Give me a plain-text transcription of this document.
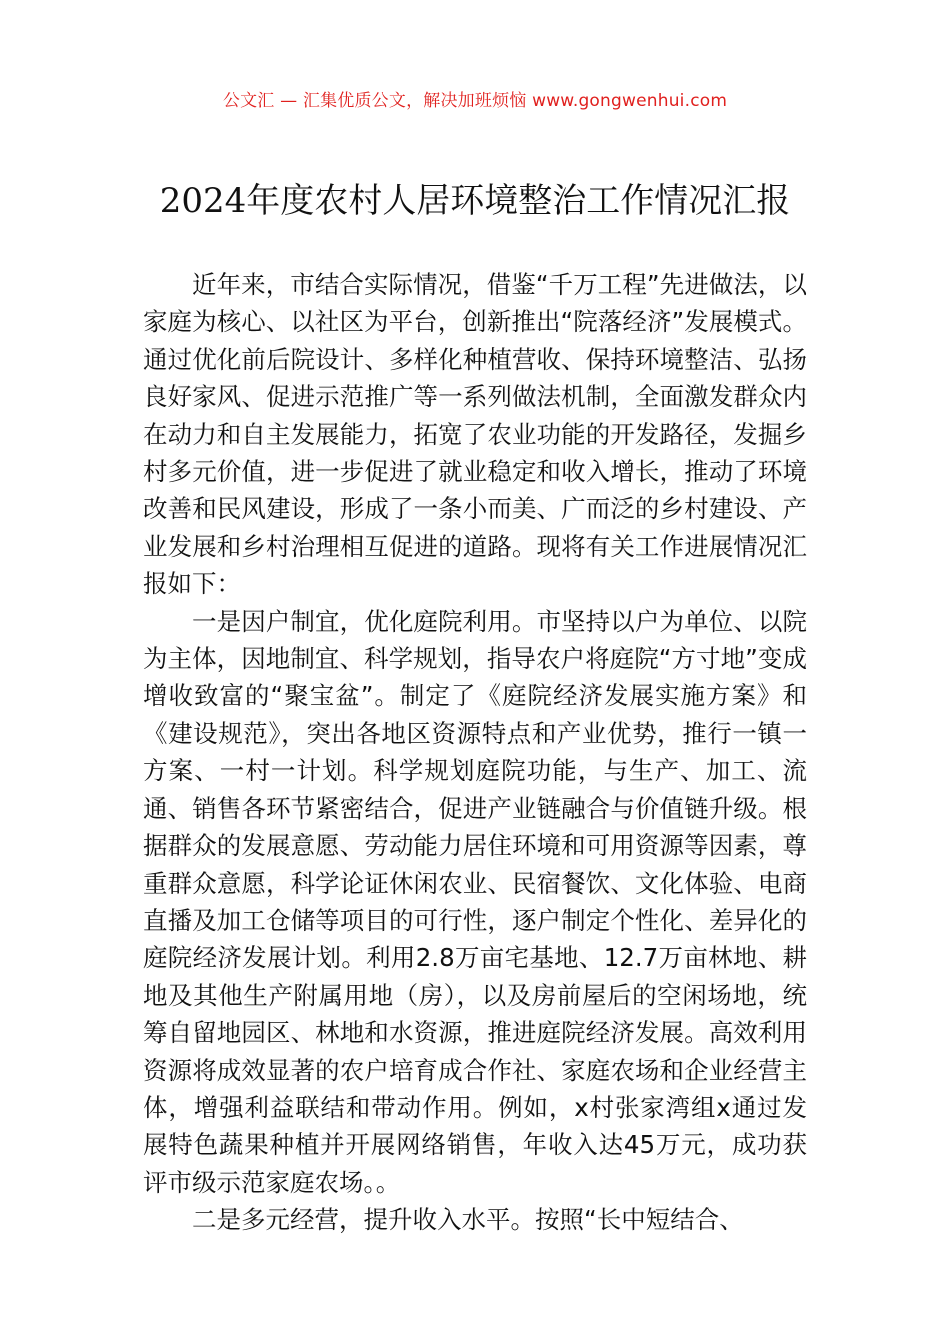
公文汇 — 汇集优质公文，解决加班烦恼 www.gongwenhui.com
2024年度农村人居环境整治工作情况汇报

近年来，市结合实际情况，借鉴“千万工程”先进做法，以家庭为核心、以社区为平台，创新推出“院落经济”发展模式。通过优化前后院设计、多样化种植营收、保持环境整洁、弘扬良好家风、促进示范推广等一系列做法机制，全面激发群众内在动力和自主发展能力，拓宽了农业功能的开发路径，发掘乡村多元价值，进一步促进了就业稳定和收入增长，推动了环境改善和民风建设，形成了一条小而美、广而泛的乡村建设、产业发展和乡村治理相互促进的道路。现将有关工作进展情况汇报如下：

一是因户制宜，优化庭院利用。市坚持以户为单位、以院为主体，因地制宜、科学规划，指导农户将庭院“方寸地”变成增收致富的“聚宝盆”。制定了《庭院经济发展实施方案》和《建设规范》，突出各地区资源特点和产业优势，推行一镇一方案、一村一计划。科学规划庭院功能，与生产、加工、流通、销售各环节紧密结合，促进产业链融合与价值链升级。根据群众的发展意愿、劳动能力居住环境和可用资源等因素，尊重群众意愿，科学论证休闲农业、民宿餐饮、文化体验、电商直播及加工仓储等项目的可行性，逐户制定个性化、差异化的庭院经济发展计划。利用2.8万亩宅基地、12.7万亩林地、耕地及其他生产附属用地（房），以及房前屋后的空闲场地，统筹自留地园区、林地和水资源，推进庭院经济发展。高效利用资源将成效显著的农户培育成合作社、家庭农场和企业经营主体，增强利益联结和带动作用。例如，x村张家湾组x通过发展特色蔬果种植并开展网络销售，年收入达45万元，成功获评市级示范家庭农场。。

二是多元经营，提升收入水平。按照“长中短结合、
